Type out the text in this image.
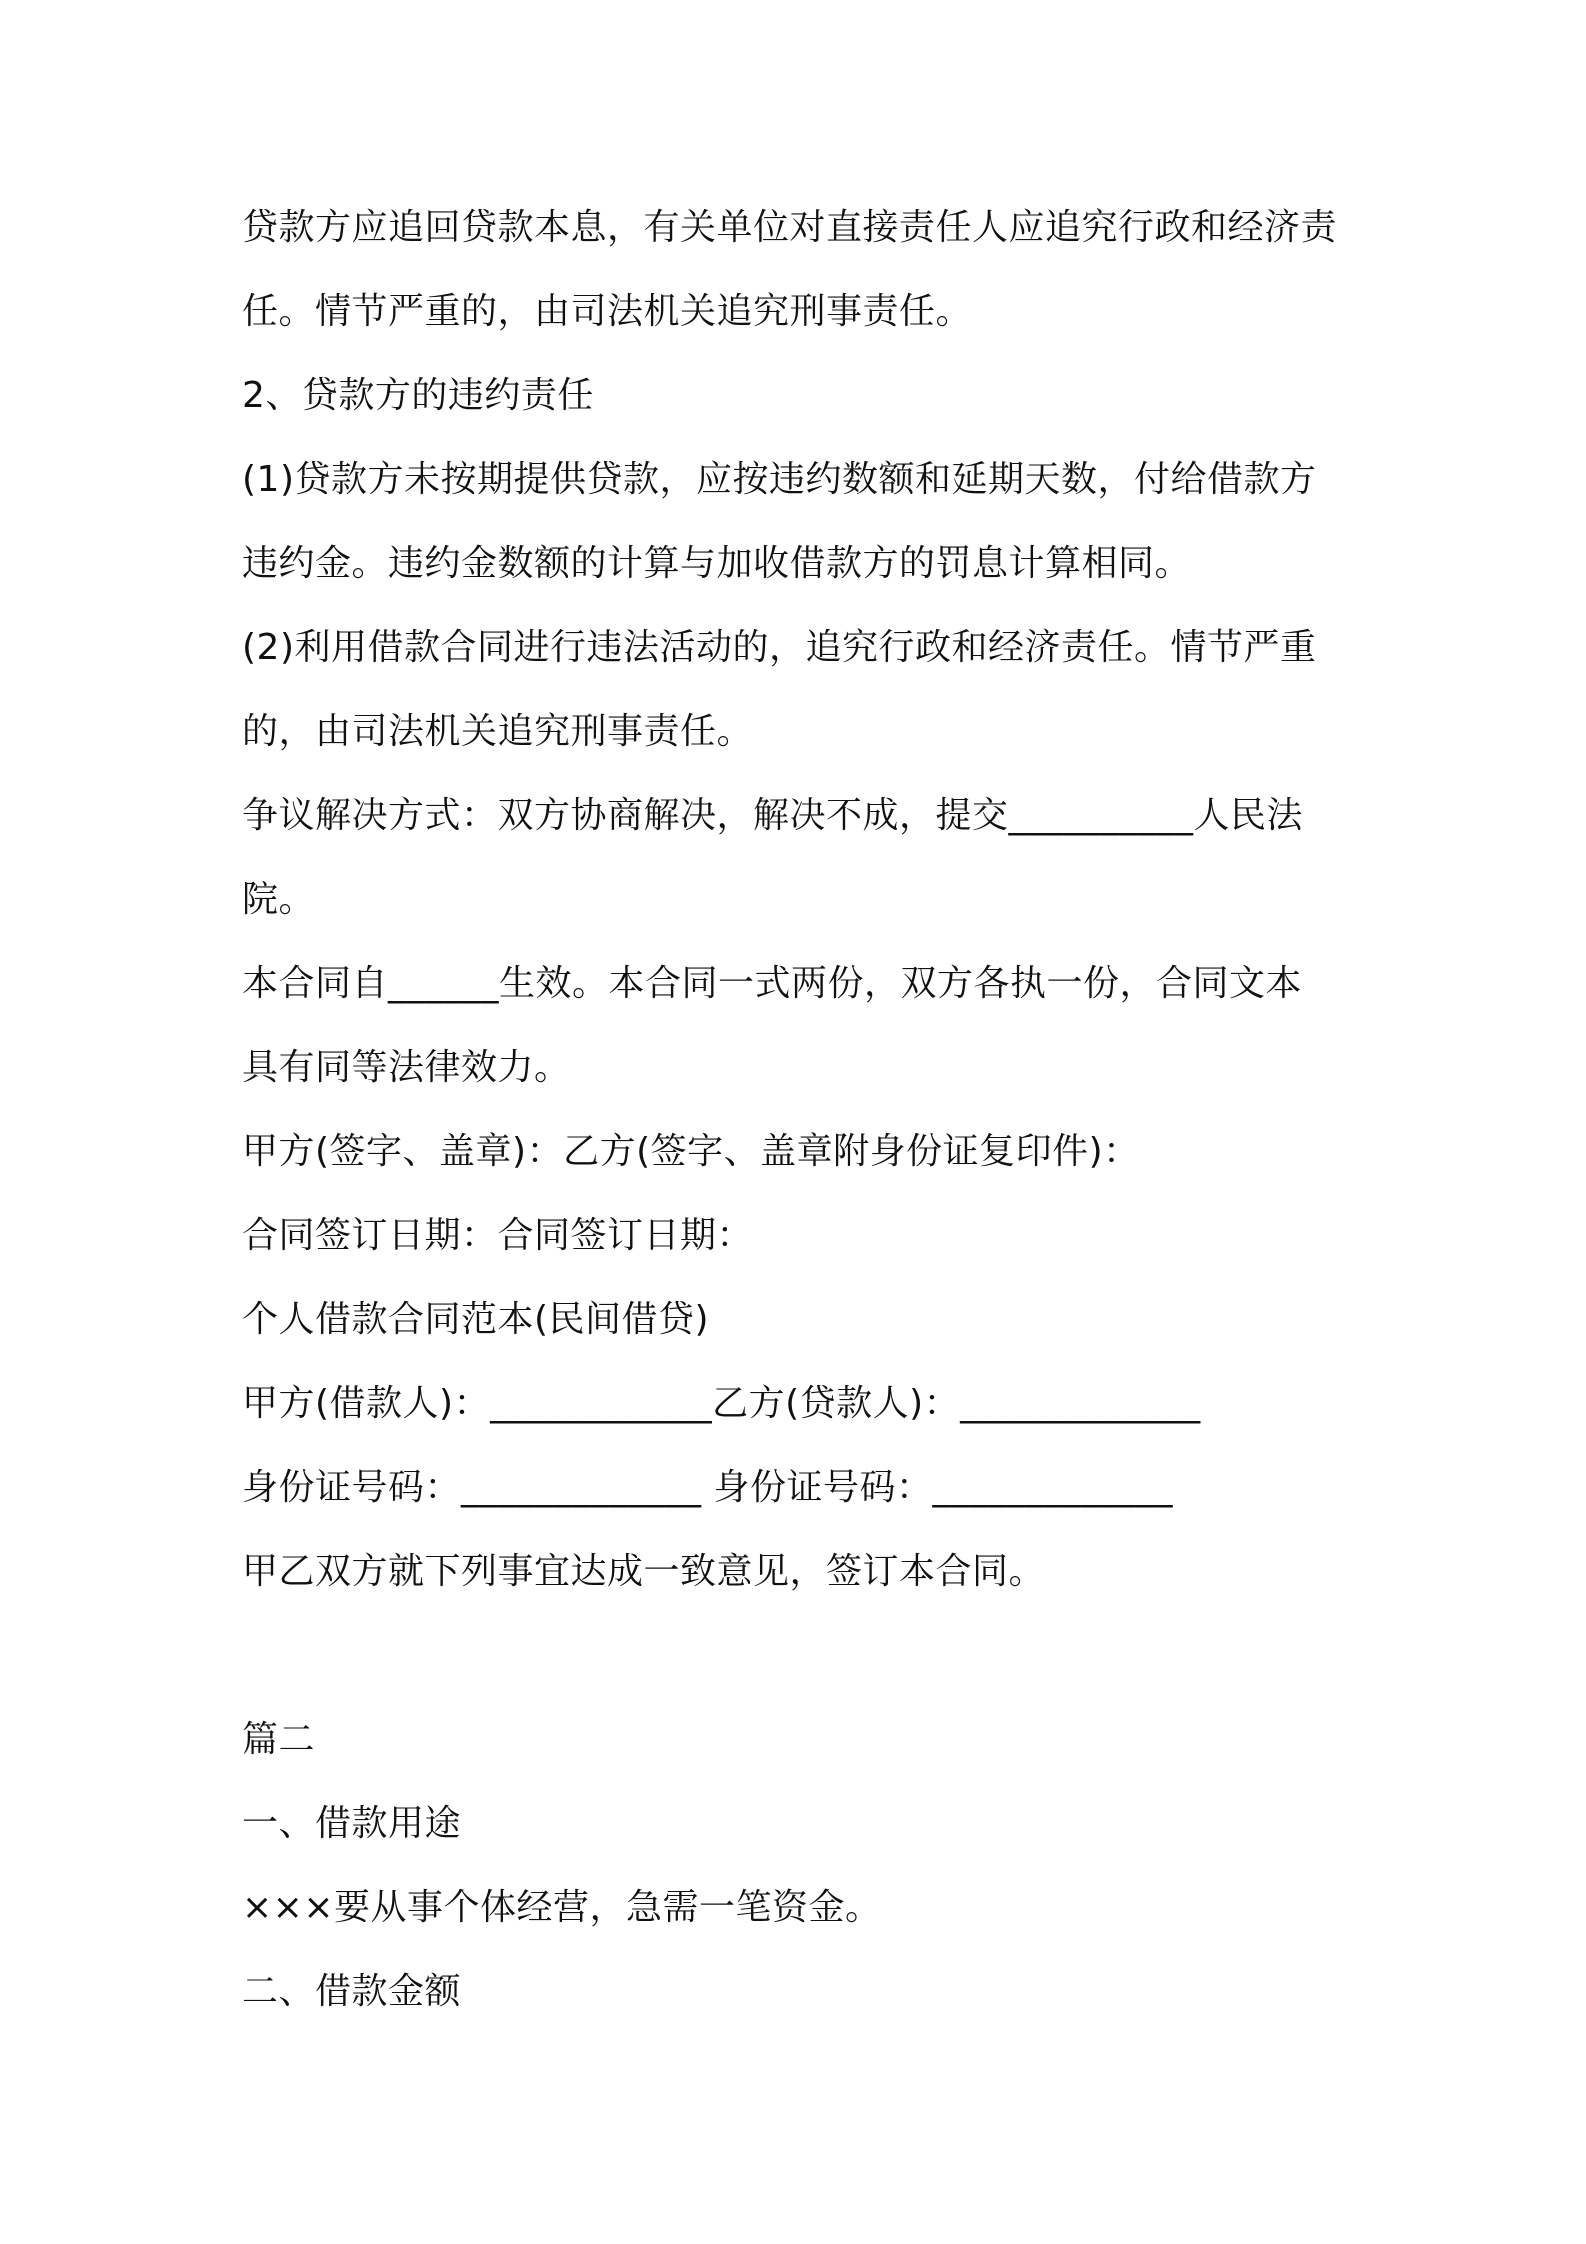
贷款方应追回贷款本息，有关单位对直接责任人应追究行政和经济责
任。情节严重的，由司法机关追究刑事责任。
2、贷款方的违约责任
(1)贷款方未按期提供贷款，应按违约数额和延期天数，付给借款方
违约金。违约金数额的计算与加收借款方的罚息计算相同。
(2)利用借款合同进行违法活动的，追究行政和经济责任。情节严重
的，由司法机关追究刑事责任。
争议解决方式：双方协商解决，解决不成，提交__________人民法
院。
本合同自______生效。本合同一式两份，双方各执一份，合同文本
具有同等法律效力。
甲方(签字、盖章)：乙方(签字、盖章附身份证复印件)：
合同签订日期：合同签订日期：
个人借款合同范本(民间借贷)
甲方(借款人)：____________乙方(贷款人)：_____________
身份证号码：_____________ 身份证号码：_____________
甲乙双方就下列事宜达成一致意见，签订本合同。
篇二
一、借款用途
×××要从事个体经营，急需一笔资金。
二、借款金额
